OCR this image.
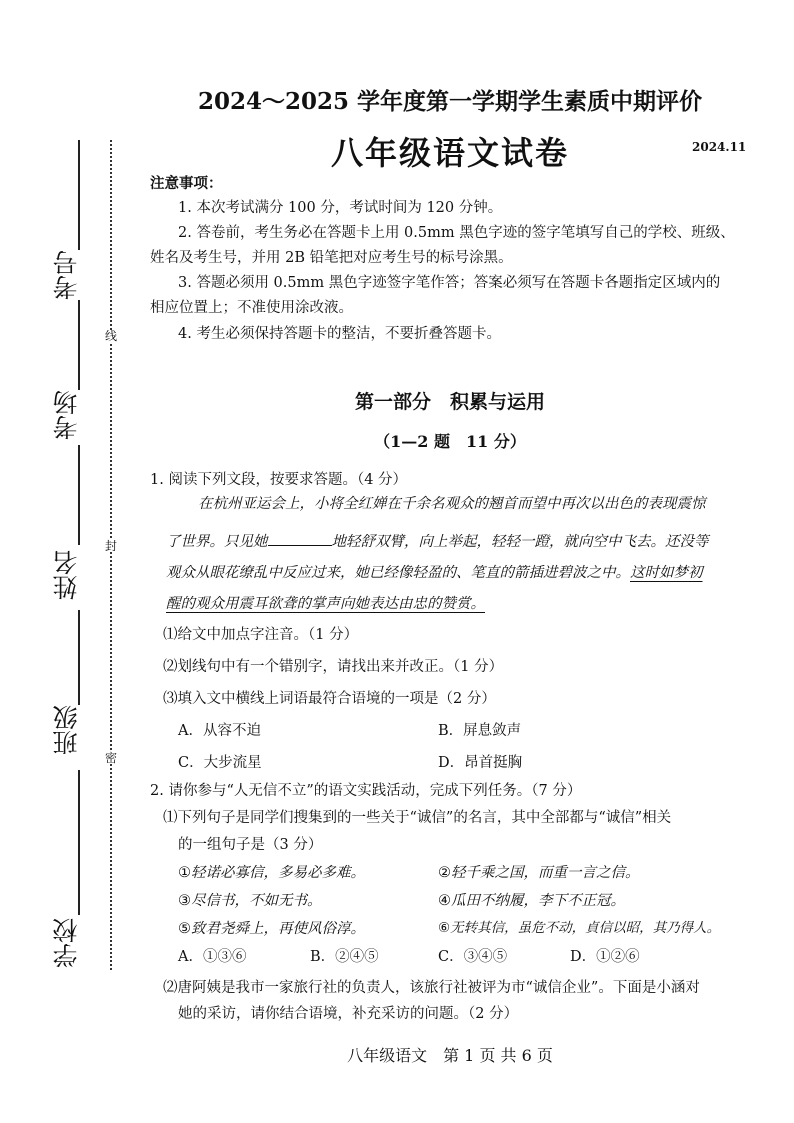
考号
考场
姓名
班级
学校
线
封
密
2024～2025 学年度第一学期学生素质中期评价
八年级语文试卷	2024.11
注意事项：
1. 本次考试满分 100 分，考试时间为 120 分钟。
2. 答卷前，考生务必在答题卡上用 0.5mm 黑色字迹的签字笔填写自己的学校、班级、
姓名及考生号，并用 2B 铅笔把对应考生号的标号涂黑。
3. 答题必须用 0.5mm 黑色字迹签字笔作答；答案必须写在答题卡各题指定区域内的
相应位置上；不准使用涂改液。
4. 考生必须保持答题卡的整洁，不要折叠答题卡。
第一部分　积累与运用
（1—2 题　11 分）
1. 阅读下列文段，按要求答题。（4 分）
在杭州亚运会上，小将全红婵在千余名观众的翘首而望中再次以出色的表现震惊
了世界。只见她	地轻舒双臂，向上举起，轻轻一蹬，就向空中飞去。还没等
观众从眼花缭乱中反应过来，她已经像轻盈的、笔直的箭插进碧波之中。这时如梦初
醒的观众用震耳欲聋的掌声向她表达由忠的赞赏。
⑴给文中加点字注音。（1 分）
⑵划线句中有一个错别字，请找出来并改正。（1 分）
⑶填入文中横线上词语最符合语境的一项是（2 分）
A．从容不迫	B．屏息敛声
C．大步流星	D．昂首挺胸
2. 请你参与“人无信不立”的语文实践活动，完成下列任务。（7 分）
⑴下列句子是同学们搜集到的一些关于“诚信”的名言，其中全部都与“诚信”相关
的一组句子是（3 分）
①轻诺必寡信，多易必多难。	②轻千乘之国，而重一言之信。
③尽信书，不如无书。	④瓜田不纳履，李下不正冠。
⑤致君尧舜上，再使风俗淳。	⑥无转其信，虽危不动，貞信以昭，其乃得人。
A．①③⑥	B．②④⑤	C．③④⑤	D．①②⑥
⑵唐阿姨是我市一家旅行社的负责人，该旅行社被评为市“诚信企业”。下面是小涵对
她的采访，请你结合语境，补充采访的问题。（2 分）
八年级语文　第 1 页 共 6 页
